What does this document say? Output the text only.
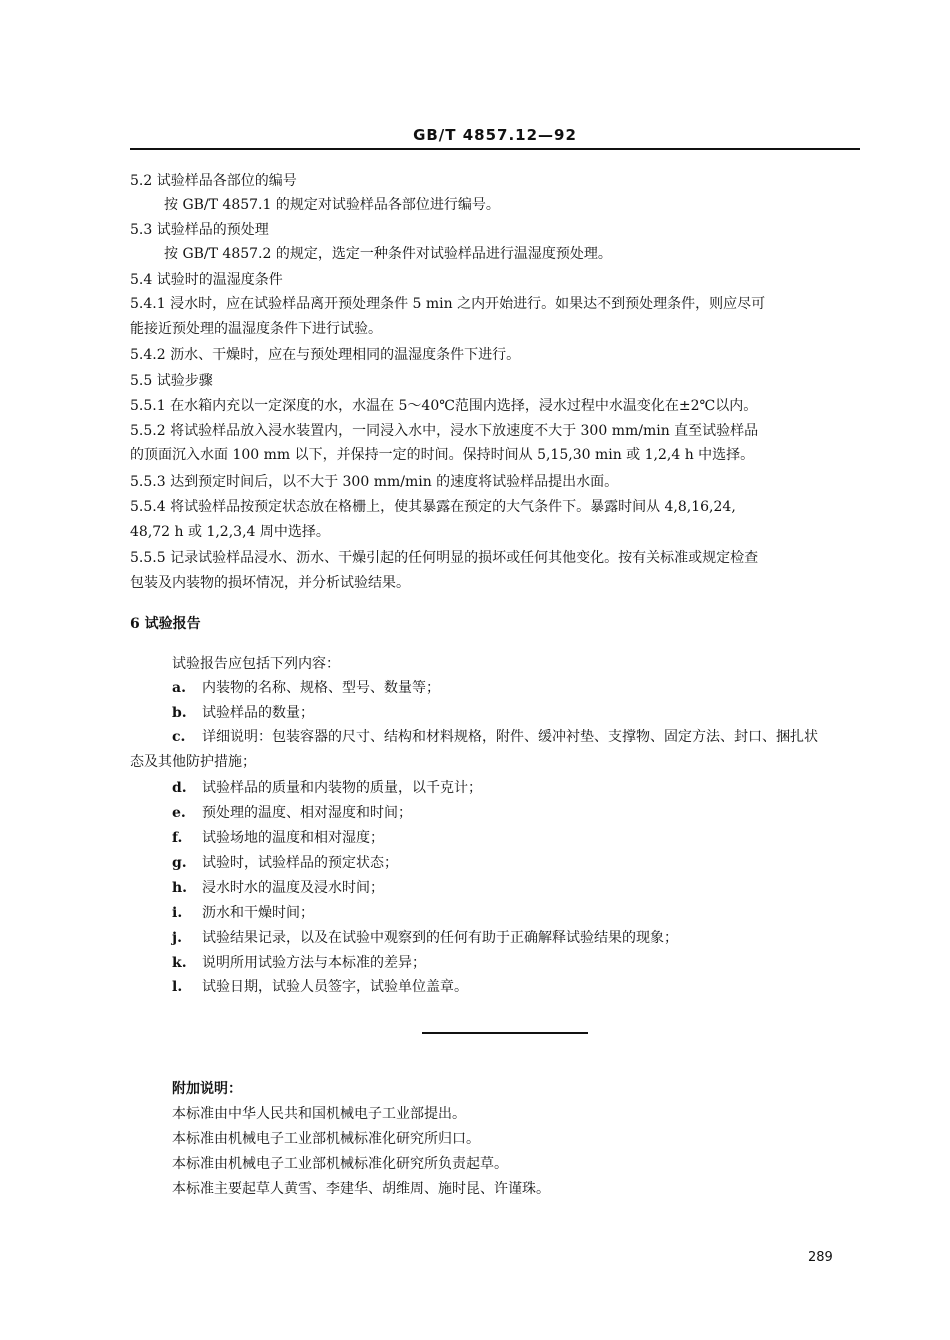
GB/T 4857.12—92
5.2 试验样品各部位的编号
按 GB/T 4857.1 的规定对试验样品各部位进行编号。
5.3 试验样品的预处理
按 GB/T 4857.2 的规定，选定一种条件对试验样品进行温湿度预处理。
5.4 试验时的温湿度条件
5.4.1 浸水时，应在试验样品离开预处理条件 5 min 之内开始进行。如果达不到预处理条件，则应尽可
能接近预处理的温湿度条件下进行试验。
5.4.2 沥水、干燥时，应在与预处理相同的温湿度条件下进行。
5.5 试验步骤
5.5.1 在水箱内充以一定深度的水，水温在 5～40℃范围内选择，浸水过程中水温变化在±2℃以内。
5.5.2 将试验样品放入浸水装置内，一同浸入水中，浸水下放速度不大于 300 mm/min 直至试验样品
的顶面沉入水面 100 mm 以下，并保持一定的时间。保持时间从 5,15,30 min 或 1,2,4 h 中选择。
5.5.3 达到预定时间后，以不大于 300 mm/min 的速度将试验样品提出水面。
5.5.4 将试验样品按预定状态放在格栅上，使其暴露在预定的大气条件下。暴露时间从 4,8,16,24,
48,72 h 或 1,2,3,4 周中选择。
5.5.5 记录试验样品浸水、沥水、干燥引起的任何明显的损坏或任何其他变化。按有关标准或规定检查
包装及内装物的损坏情况，并分析试验结果。
6 试验报告
试验报告应包括下列内容：
a. 内装物的名称、规格、型号、数量等；
b. 试验样品的数量；
c. 详细说明：包装容器的尺寸、结构和材料规格，附件、缓冲衬垫、支撑物、固定方法、封口、捆扎状
态及其他防护措施；
d. 试验样品的质量和内装物的质量，以千克计；
e. 预处理的温度、相对湿度和时间；
f. 试验场地的温度和相对湿度；
g. 试验时，试验样品的预定状态；
h. 浸水时水的温度及浸水时间；
i. 沥水和干燥时间；
j. 试验结果记录，以及在试验中观察到的任何有助于正确解释试验结果的现象；
k. 说明所用试验方法与本标准的差异；
l. 试验日期，试验人员签字，试验单位盖章。
附加说明：
本标准由中华人民共和国机械电子工业部提出。
本标准由机械电子工业部机械标准化研究所归口。
本标准由机械电子工业部机械标准化研究所负责起草。
本标准主要起草人黄雪、李建华、胡维周、施时昆、许谨珠。
289
